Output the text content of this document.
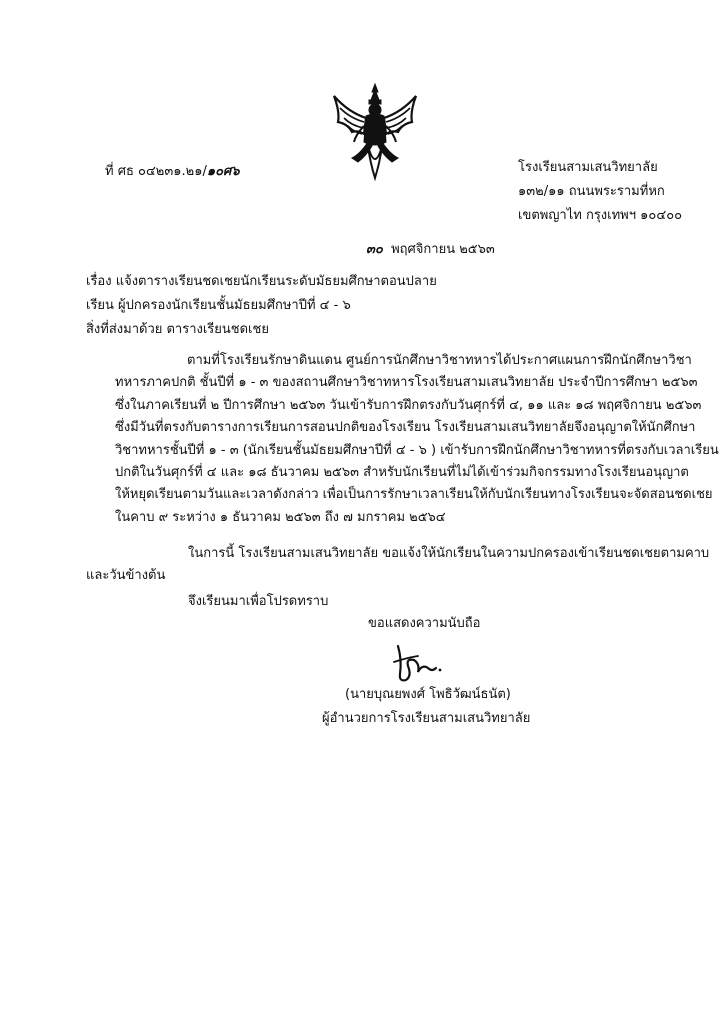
ที่ ศธ ๐๔๒๓๑.๒๑/๑๐ศ๖	โรงเรียนสามเสนวิทยาลัย
๑๓๒/๑๑ ถนนพระรามที่หก
เขตพญาไท กรุงเทพฯ ๑๐๔๐๐
๓๐ พฤศจิกายน ๒๕๖๓
เรื่อง แจ้งตารางเรียนชดเชยนักเรียนระดับมัธยมศึกษาตอนปลาย
เรียน ผู้ปกครองนักเรียนชั้นมัธยมศึกษาปีที่ ๔ - ๖
สิ่งที่ส่งมาด้วย ตารางเรียนชดเชย
ตามที่โรงเรียนรักษาดินแดน ศูนย์การนักศึกษาวิชาทหารได้ประกาศแผนการฝึกนักศึกษาวิชา
ทหารภาคปกติ ชั้นปีที่ ๑ - ๓ ของสถานศึกษาวิชาทหารโรงเรียนสามเสนวิทยาลัย ประจำปีการศึกษา ๒๕๖๓
ซึ่งในภาคเรียนที่ ๒ ปีการศึกษา ๒๕๖๓ วันเข้ารับการฝึกตรงกับวันศุกร์ที่ ๔, ๑๑ และ ๑๘ พฤศจิกายน ๒๕๖๓
ซึ่งมีวันที่ตรงกับตารางการเรียนการสอนปกติของโรงเรียน โรงเรียนสามเสนวิทยาลัยจึงอนุญาตให้นักศึกษา
วิชาทหารชั้นปีที่ ๑ - ๓ (นักเรียนชั้นมัธยมศึกษาปีที่ ๔ - ๖ ) เข้ารับการฝึกนักศึกษาวิชาทหารที่ตรงกับเวลาเรียน
ปกติในวันศุกร์ที่ ๔ และ ๑๘ ธันวาคม ๒๕๖๓ สำหรับนักเรียนที่ไม่ได้เข้าร่วมกิจกรรมทางโรงเรียนอนุญาต
ให้หยุดเรียนตามวันและเวลาดังกล่าว เพื่อเป็นการรักษาเวลาเรียนให้กับนักเรียนทางโรงเรียนจะจัดสอนชดเชย
ในคาบ ๙ ระหว่าง ๑ ธันวาคม ๒๕๖๓ ถึง ๗ มกราคม ๒๕๖๔
ในการนี้ โรงเรียนสามเสนวิทยาลัย ขอแจ้งให้นักเรียนในความปกครองเข้าเรียนชดเชยตามคาบ
และวันข้างต้น
จึงเรียนมาเพื่อโปรดทราบ
ขอแสดงความนับถือ
(นายบุณยพงศ์ โพธิวัฒน์ธนัต)
ผู้อำนวยการโรงเรียนสามเสนวิทยาลัย
